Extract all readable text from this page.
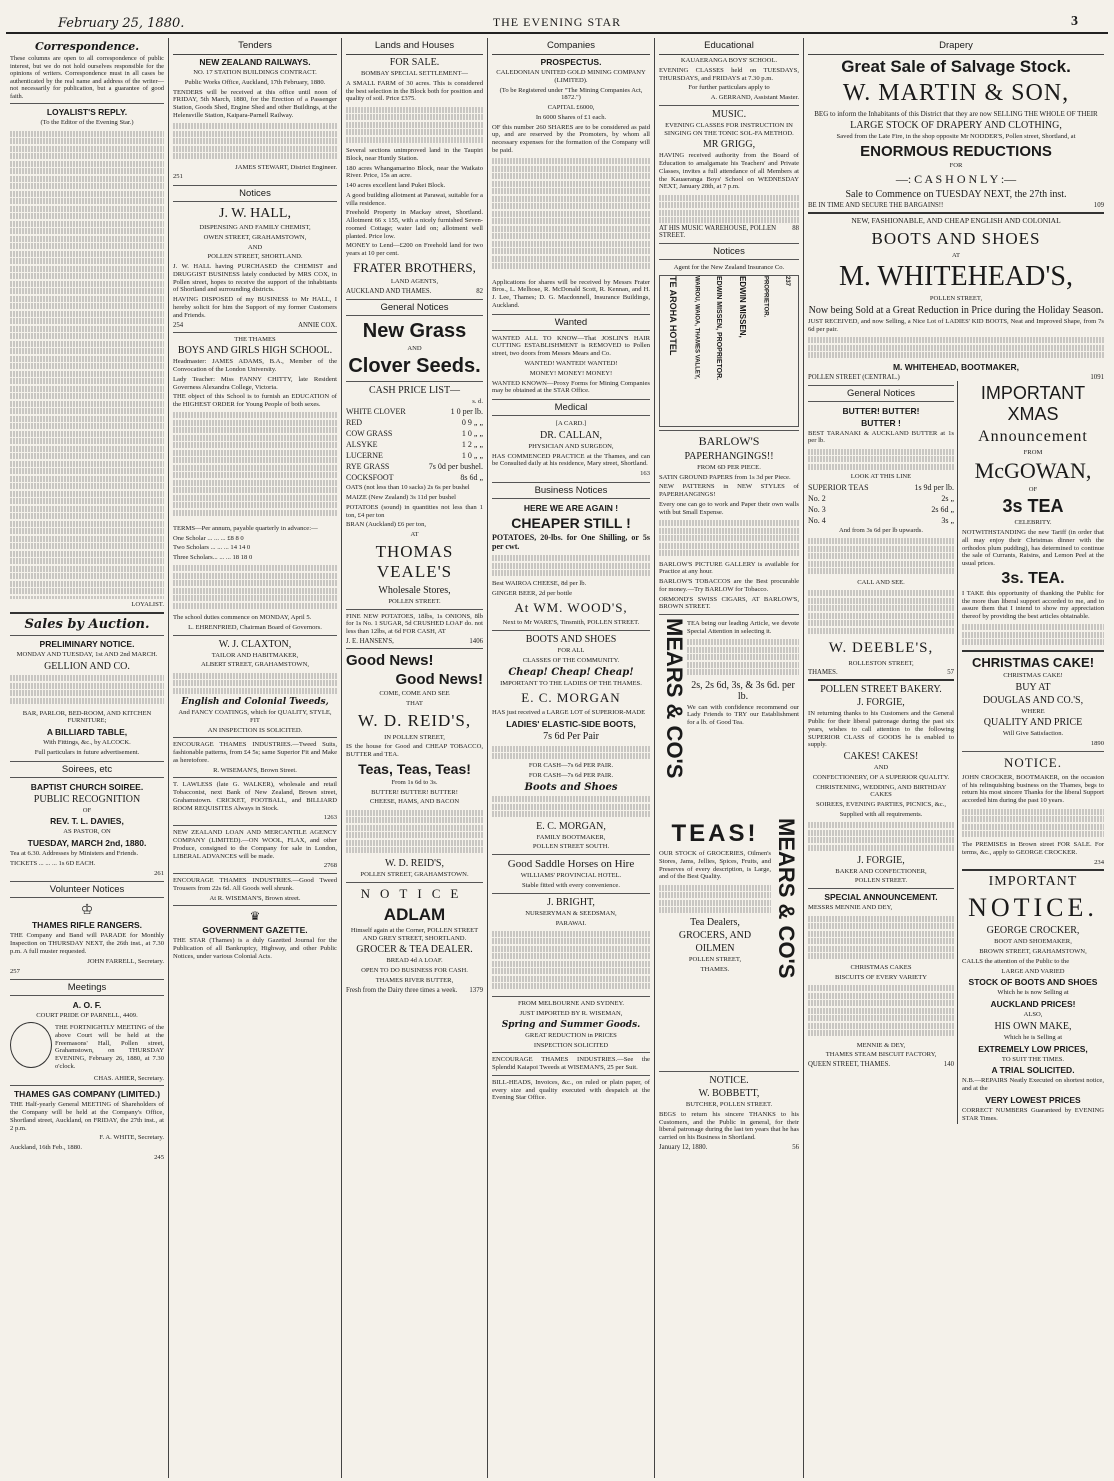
February 25, 1880.	THE EVENING STAR	3
Correspondence.
These columns are open to all correspondence of public interest, but we do not hold ourselves responsible for the opinions of writers. Correspondence must in all cases be authenticated by the real name and address of the writer—not necessarily for publication, but a guarantee of good faith.
LOYALIST'S REPLY.
(To the Editor of the Evening Star.)
LOYALIST.
Sales by Auction.
PRELIMINARY NOTICE.
MONDAY AND TUESDAY, 1st AND 2nd MARCH.
GELLION AND CO.
BAR, PARLOR, BED-ROOM, AND KITCHEN FURNITURE;
A BILLIARD TABLE,
With Fittings, &c., by ALCOCK.
Full particulars in future advertisement.
Soirees, etc
BAPTIST CHURCH SOIREE.
PUBLIC RECOGNITION
OF
REV. T. L. DAVIES,
AS PASTOR, ON
TUESDAY, MARCH 2nd, 1880.
Tea at 6.30. Addresses by Ministers and Friends.
TICKETS ... ... ... 1s 6D EACH.
261
Volunteer Notices
♔
THAMES RIFLE RANGERS.
THE Company and Band will PARADE for Monthly Inspection on THURSDAY NEXT, the 26th inst., at 7.30 p.m. A full muster requested.
JOHN FARRELL, Secretary.
257
Meetings
A. O. F.
COURT PRIDE OF PARNELL, 4409.
THE FORTNIGHTLY MEETING of the above Court will be held at the Freemasons' Hall, Pollen street, Grahamstown, on THURSDAY EVENING, February 26, 1880, at 7.30 o'clock.
CHAS. AHIER, Secretary.
THAMES GAS COMPANY (LIMITED.)
THE Half-yearly General MEETING of Shareholders of the Company will be held at the Company's Office, Shortland street, Auckland, on FRIDAY, the 27th inst., at 2 p.m.
F. A. WHITE, Secretary.
Auckland, 16th Feb., 1880.
245
Tenders
NEW ZEALAND RAILWAYS.
NO. 17 STATION BUILDINGS CONTRACT.
Public Works Office, Auckland, 17th February, 1880.
TENDERS will be received at this office until noon of FRIDAY, 5th March, 1880, for the Erection of a Passenger Station, Goods Shed, Engine Shed and other Buildings, at the Helensville Station, Kaipara-Parnell Railway.
JAMES STEWART, District Engineer.
251
Notices
J. W. HALL,
DISPENSING AND FAMILY CHEMIST,
OWEN STREET, GRAHAMSTOWN,
AND
POLLEN STREET, SHORTLAND.
J. W. HALL having PURCHASED the CHEMIST and DRUGGIST BUSINESS lately conducted by MRS COX, in Pollen street, hopes to receive the support of the inhabitants of Shortland and surrounding districts.
HAVING DISPOSED of my BUSINESS to Mr HALL, I hereby solicit for him the Support of my former Customers and Friends.
254	ANNIE COX.
THE THAMES
BOYS AND GIRLS HIGH SCHOOL.
Headmaster: JAMES ADAMS, B.A., Member of the Convocation of the London University.
Lady Teacher: Miss FANNY CHITTY, late Resident Governess Alexandra College, Victoria.
THE object of this School is to furnish an EDUCATION of the HIGHEST ORDER for Young People of both sexes.
TERMS—Per annum, payable quarterly in advance:—
One Scholar ... ... ... £8 8 0
Two Scholars ... ... ... 14 14 0
Three Scholars... ... ... 18 18 0
The school duties commence on MONDAY, April 5.
L. EHRENFRIED, Chairman Board of Governors.
W. J. CLAXTON,
TAILOR AND HABITMAKER,
ALBERT STREET, GRAHAMSTOWN,
English and Colonial Tweeds,
And FANCY COATINGS, which for QUALITY, STYLE, FIT
AN INSPECTION IS SOLICITED.
ENCOURAGE THAMES INDUSTRIES.—Tweed Suits, fashionable patterns, from £4 5s; same Superior Fit and Make as heretofore.
R. WISEMAN'S, Brown Street.
T. LAWLESS (late G. WALKER), wholesale and retail Tobacconist, next Bank of New Zealand, Brown street, Grahamstown. CRICKET, FOOTBALL, and BILLIARD ROOM REQUISITES Always in Stock.
1263
NEW ZEALAND LOAN AND MERCANTILE AGENCY COMPANY (LIMITED).—ON WOOL, FLAX, and other Produce, consigned to the Company for sale in London, LIBERAL ADVANCES will be made.
2768
ENCOURAGE THAMES INDUSTRIES.—Good Tweed Trousers from 22s 6d. All Goods well shrunk.
At R. WISEMAN'S, Brown street.
♛
GOVERNMENT GAZETTE.
THE STAR (Thames) is a duly Gazetted Journal for the Publication of all Bankruptcy, Highway, and other Public Notices, under various Colonial Acts.
Lands and Houses
FOR SALE.
BOMBAY SPECIAL SETTLEMENT—
A SMALL FARM of 30 acres. This is considered the best selection in the Block both for position and quality of soil. Price £375.
Several sections unimproved land in the Taupiri Block, near Huntly Station.
180 acres Whangamarino Block, near the Waikato River. Price, 15s an acre.
140 acres excellent land Pukei Block.
A good building allotment at Parawai, suitable for a villa residence.
Freehold Property in Mackay street, Shortland. Allotment 66 x 155, with a nicely furnished Seven-roomed Cottage; water laid on; allotment well planted. Price low.
MONEY to Lend—£200 on Freehold land for two years at 10 per cent.
FRATER BROTHERS,
LAND AGENTS,
AUCKLAND AND THAMES.	82
General Notices
New Grass
AND
Clover Seeds.
CASH PRICE LIST—
s. d.
WHITE CLOVER	1 0 per lb.
RED	0 9 „ „
COW GRASS	1 0 „ „
ALSYKE	1 2 „ „
LUCERNE	1 0 „ „
RYE GRASS	7s 0d per bushel.
COCKSFOOT	8s 6d „
OATS (not less than 10 sacks) 2s 6s per bushel
MAIZE (New Zealand) 3s 11d per bushel
POTATOES (sound) in quantities not less than 1 ton, £4 per ton
BRAN (Auckland) £6 per ton,
AT
THOMAS VEALE'S
Wholesale Stores,
POLLEN STREET.
FINE NEW POTATOES, 18lbs, 1s ONIONS, 8lb for 1s No. 1 SUGAR, 5d CRUSHED LOAF do. not less than 12lbs, at 6d FOR CASH, AT
J. E. HANSEN'S,	1406
Good News!
Good News!
COME, COME AND SEE
THAT
W. D. REID'S,
IN POLLEN STREET,
IS the house for Good and CHEAP TOBACCO, BUTTER and TEA.
Teas, Teas, Teas!
From 1s 6d to 3s.
BUTTER! BUTTER! BUTTER!
CHEESE, HAMS, AND BACON
W. D. REID'S,
POLLEN STREET, GRAHAMSTOWN.
NOTICE
ADLAM
Himself again at the Corner, POLLEN STREET AND GREY STREET, SHORTLAND.
GROCER & TEA DEALER.
BREAD 4d A LOAF.
OPEN TO DO BUSINESS FOR CASH.
THAMES RIVER BUTTER,
Fresh from the Dairy three times a week. 1379
Companies
PROSPECTUS.
CALEDONIAN UNITED GOLD MINING COMPANY (LIMITED).
(To be Registered under "The Mining Companies Act, 1872.")
CAPITAL £6000,
In 6000 Shares of £1 each.
OF this number 260 SHARES are to be considered as paid up, and are reserved by the Promoters, by whom all necessary expenses for the formation of the Company will be paid.
Applications for shares will be received by Messrs Frater Bros., L. Melhose, R. McDonald Scott, R. Kennan, and H. J. Lee, Thames; D. G. Macdonnell, Insurance Buildings, Auckland.
Wanted
WANTED ALL TO KNOW—That JOSLIN'S HAIR CUTTING ESTABLISHMENT is REMOVED to Pollen street, two doors from Messrs Mears and Co.
WANTED! WANTED! WANTED!
MONEY! MONEY! MONEY!
WANTED KNOWN—Proxy Forms for Mining Companies may be obtained at the STAR Office.
Medical
[A CARD.]
DR. CALLAN,
PHYSICIAN AND SURGEON,
HAS COMMENCED PRACTICE at the Thames, and can be Consulted daily at his residence, Mary street, Shortland.
163
Business Notices
HERE WE ARE AGAIN !
CHEAPER STILL !
POTATOES, 20-lbs. for One Shilling, or 5s per cwt.
Best WAIROA CHEESE, 8d per lb.
GINGER BEER, 2d per bottle
At WM. WOOD'S,
Next to Mr WARE'S, Tinsmith, POLLEN STREET.
BOOTS AND SHOES
FOR ALL
CLASSES OF THE COMMUNITY.
Cheap! Cheap! Cheap!
IMPORTANT TO THE LADIES OF THE THAMES.
E. C. MORGAN
HAS just received a LARGE LOT of SUPERIOR-MADE
LADIES' ELASTIC-SIDE BOOTS,
7s 6d Per Pair
FOR CASH—7s 6d PER PAIR.
FOR CASH—7s 6d PER PAIR.
Boots and Shoes
E. C. MORGAN,
FAMILY BOOTMAKER,
POLLEN STREET SOUTH.
Good Saddle Horses on Hire
WILLIAMS' PROVINCIAL HOTEL.
Stable fitted with every convenience.
J. BRIGHT,
NURSERYMAN & SEEDSMAN,
PARAWAI.
FROM MELBOURNE AND SYDNEY.
JUST IMPORTED BY R. WISEMAN,
Spring and Summer Goods.
GREAT REDUCTION in PRICES
INSPECTION SOLICITED
ENCOURAGE THAMES INDUSTRIES.—See the Splendid Kaiapoi Tweeds at WISEMAN'S, 25 per Suit.
BILL-HEADS, Invoices, &c., on ruled or plain paper, of every size and quality executed with despatch at the Evening Star Office.
Educational
KAUAERANGA BOYS' SCHOOL.
EVENING CLASSES held on TUESDAYS, THURSDAYS, and FRIDAYS at 7.30 p.m.
For further particulars apply to
A. GERRAND, Assistant Master.
MUSIC.
EVENING CLASSES FOR INSTRUCTION IN SINGING ON THE TONIC SOL-FA METHOD.
MR GRIGG,
HAVING received authority from the Board of Education to amalgamate his Teachers' and Private Classes, invites a full attendance of all Members at the Kauaeranga Boys' School on WEDNESDAY NEXT, January 28th, at 7 p.m.
AT HIS MUSIC WAREHOUSE, POLLEN STREET.
88
Notices
Agent for the New Zealand Insurance Co.
TE AROHA HOTEL	WAIROU, WAIOA, THAMES VALLEY, EDWIN MISSEN, PROPRIETOR. EDWIN MISSEN,	PROPRIETOR.	237
BARLOW'S
PAPERHANGINGS!!
FROM 6D PER PIECE.
SATIN GROUND PAPERS from 1s 3d per Piece.
NEW PATTERNS in NEW STYLES of PAPERHANGINGS!
Every one can go to work and Paper their own walls with but Small Expense.
BARLOW'S PICTURE GALLERY is available for Practice at any hour.
BARLOW'S TOBACCOS are the Best procurable for money.—Try BARLOW for Tobacco.
ORMOND'S SWISS CIGARS, AT BARLOW'S, BROWN STREET.
MEARS & CO'S TEA being our leading Article, we devote Special Attention in selecting it.
2s, 2s 6d, 3s, & 3s 6d. per lb.
We can with confidence recommend our Lady Friends to TRY our Establishment for a lb. of Good Tea.
TEAS!
OUR STOCK of GROCERIES, Oilmen's Stores, Jams, Jellies, Spices, Fruits, and Preserves of every description, is Large, and of the Best Quality.
Tea Dealers,
GROCERS, AND
OILMEN
POLLEN STREET,
THAMES.	MEARS & CO'S
NOTICE.
W. BOBBETT,
BUTCHER, POLLEN STREET.
BEGS to return his sincere THANKS to his Customers, and the Public in general, for their liberal patronage during the last ten years that he has carried on his Business in Shortland.
January 12, 1880.	56
Drapery
Great Sale of Salvage Stock.
W. MARTIN & SON,
BEG to inform the Inhabitants of this District that they are now SELLING THE WHOLE OF THEIR
LARGE STOCK OF DRAPERY AND CLOTHING,
Saved from the Late Fire, in the shop opposite Mr NODDER'S, Pollen street, Shortland, at
ENORMOUS REDUCTIONS
FOR
—: C A S H O N L Y :—
Sale to Commence on TUESDAY NEXT, the 27th inst.
BE IN TIME AND SECURE THE BARGAINS!!	109
NEW, FASHIONABLE, AND CHEAP ENGLISH AND COLONIAL
BOOTS AND SHOES
AT
M. WHITEHEAD'S,
POLLEN STREET,
Now being Sold at a Great Reduction in Price during the Holiday Season.
JUST RECEIVED, and now Selling, a Nice Lot of LADIES' KID BOOTS, Neat and Improved Shape, from 7s 6d per pair.
M. WHITEHEAD, BOOTMAKER,
POLLEN STREET (CENTRAL.)	1091
General Notices
BUTTER! BUTTER!
BUTTER !
BEST TARANAKI & AUCKLAND BUTTER at 1s per lb.
LOOK AT THIS LINE
SUPERIOR TEAS	1s 9d per lb.
No. 2	2s „
No. 3	2s 6d „
No. 4	3s „
And from 3s 6d per lb upwards.
CALL AND SEE.
W. DEEBLE'S,
ROLLESTON STREET,
THAMES.	57
POLLEN STREET BAKERY.
J. FORGIE,
IN returning thanks to his Customers and the General Public for their liberal patronage during the past six years, wishes to call attention to the following SUPERIOR CLASS of GOODS he is enabled to supply.
CAKES! CAKES!
AND
CONFECTIONERY, OF A SUPERIOR QUALITY.
CHRISTENING, WEDDING, AND BIRTHDAY CAKES
SOIREES, EVENING PARTIES, PICNICS, &c.,
Supplied with all requirements.
J. FORGIE,
BAKER AND CONFECTIONER,
POLLEN STREET.
SPECIAL ANNOUNCEMENT.
MESSRS MENNIE AND DEY,
CHRISTMAS CAKES
BISCUITS OF EVERY VARIETY
MENNIE & DEY,
THAMES STEAM BISCUIT FACTORY,
QUEEN STREET, THAMES.	140
IMPORTANT XMAS
Announcement
FROM
McGOWAN,
OF
3s TEA
CELEBRITY.
NOTWITHSTANDING the new Tariff (in order that all may enjoy their Christmas dinner with the orthodox plum pudding), has determined to continue the sale of Currants, Raisins, and Lemon Peel at the usual prices.
3s. TEA.
I TAKE this opportunity of thanking the Public for the more than liberal support accorded to me, and to assure them that I intend to show my appreciation thereof by providing the best articles obtainable.
CHRISTMAS CAKE!
CHRISTMAS CAKE!
BUY AT
DOUGLAS AND CO.'S,
WHERE
QUALITY AND PRICE
Will Give Satisfaction.
1890
NOTICE.
JOHN CROCKER, BOOTMAKER, on the occasion of his relinquishing business on the Thames, begs to return his most sincere Thanks for the liberal Support accorded him during the past 10 years.
The PREMISES in Brown street FOR SALE. For terms, &c., apply to GEORGE CROCKER.
234
IMPORTANT
NOTICE.
GEORGE CROCKER,
BOOT AND SHOEMAKER,
BROWN STREET, GRAHAMSTOWN,
CALLS the attention of the Public to the
LARGE AND VARIED
STOCK OF BOOTS AND SHOES
Which he is now Selling at
AUCKLAND PRICES!
ALSO,
HIS OWN MAKE,
Which he is Selling at
EXTREMELY LOW PRICES,
TO SUIT THE TIMES.
A TRIAL SOLICITED.
N.B.—REPAIRS Neatly Executed on shortest notice, and at the
VERY LOWEST PRICES
CORRECT NUMBERS Guaranteed by EVENING STAR Times.
